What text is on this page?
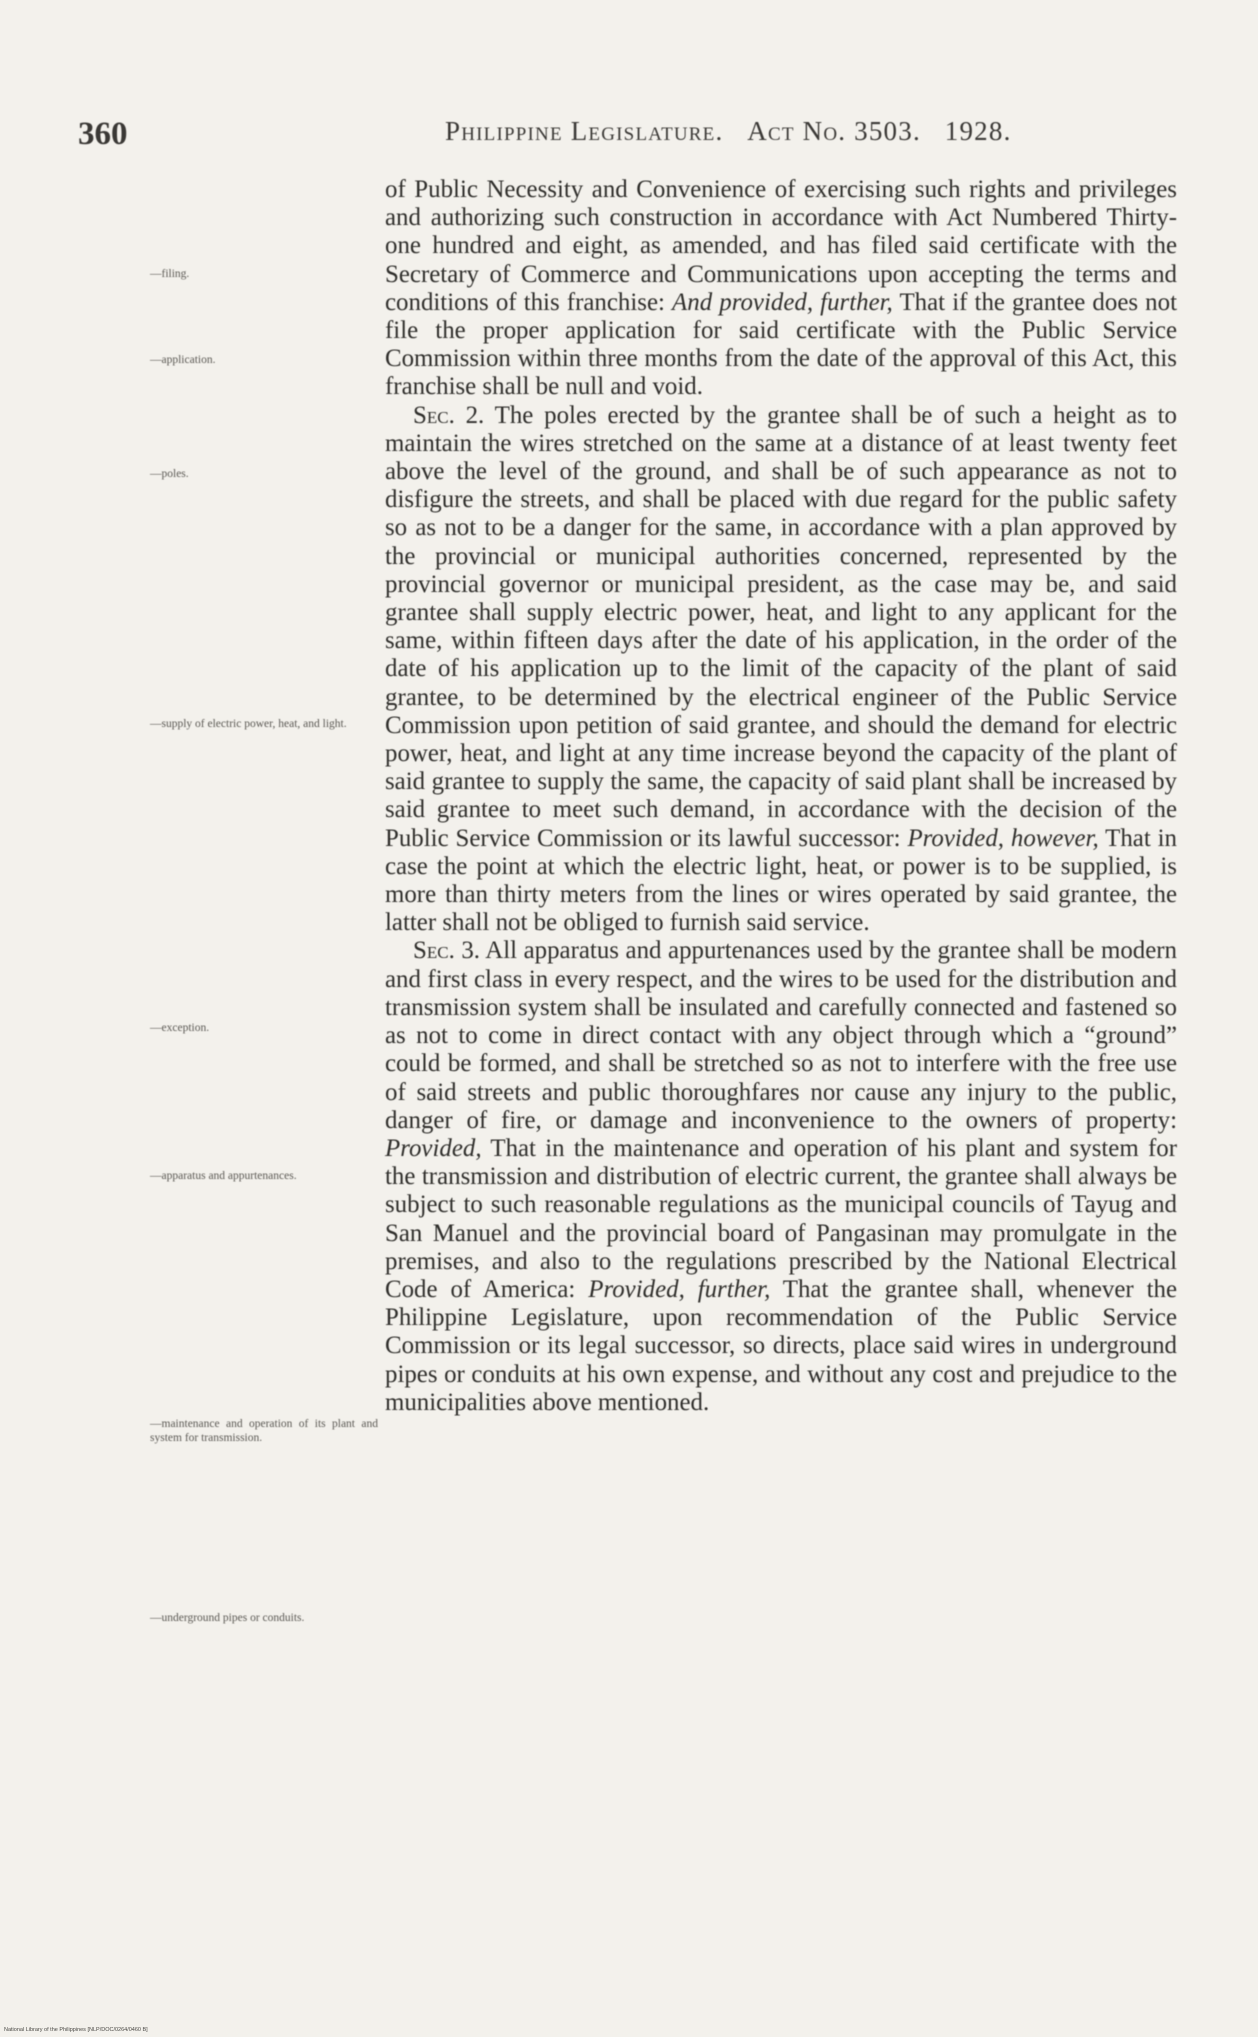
360	Philippine Legislature. Act No. 3503. 1928.
—filing.
—application.
—poles.
—supply of electric power, heat, and light.
—exception.
—apparatus and appurtenances.
—maintenance and operation of its plant and system for transmission.
—underground pipes or conduits.

of Public Necessity and Convenience of exercising such rights and privileges and authorizing such construction in accordance with Act Numbered Thirty-one hundred and eight, as amended, and has filed said certificate with the Secretary of Commerce and Communications upon accepting the terms and conditions of this franchise: And provided, further, That if the grantee does not file the proper application for said certificate with the Public Service Commission within three months from the date of the approval of this Act, this franchise shall be null and void.

Sec. 2. The poles erected by the grantee shall be of such a height as to maintain the wires stretched on the same at a distance of at least twenty feet above the level of the ground, and shall be of such appearance as not to disfigure the streets, and shall be placed with due regard for the public safety so as not to be a danger for the same, in accordance with a plan approved by the provincial or municipal authorities concerned, represented by the provincial governor or municipal president, as the case may be, and said grantee shall supply electric power, heat, and light to any applicant for the same, within fifteen days after the date of his application, in the order of the date of his application up to the limit of the capacity of the plant of said grantee, to be determined by the electrical engineer of the Public Service Commission upon petition of said grantee, and should the demand for electric power, heat, and light at any time increase beyond the capacity of the plant of said grantee to supply the same, the capacity of said plant shall be increased by said grantee to meet such demand, in accordance with the decision of the Public Service Commission or its lawful successor: Provided, however, That in case the point at which the electric light, heat, or power is to be supplied, is more than thirty meters from the lines or wires operated by said grantee, the latter shall not be obliged to furnish said service.

Sec. 3. All apparatus and appurtenances used by the grantee shall be modern and first class in every respect, and the wires to be used for the distribution and transmission system shall be insulated and carefully connected and fastened so as not to come in direct contact with any object through which a “ground” could be formed, and shall be stretched so as not to interfere with the free use of said streets and public thoroughfares nor cause any injury to the public, danger of fire, or damage and inconvenience to the owners of property: Provided, That in the maintenance and operation of his plant and system for the transmission and distribution of electric current, the grantee shall always be subject to such reasonable regulations as the municipal councils of Tayug and San Manuel and the provincial board of Pangasinan may promulgate in the premises, and also to the regulations prescribed by the National Electrical Code of America: Provided, further, That the grantee shall, whenever the Philippine Legislature, upon recommendation of the Public Service Commission or its legal successor, so directs, place said wires in underground pipes or conduits at his own expense, and without any cost and prejudice to the municipalities above mentioned.

National Library of the Philippines [NLP/DOC/0264/0460 B]
